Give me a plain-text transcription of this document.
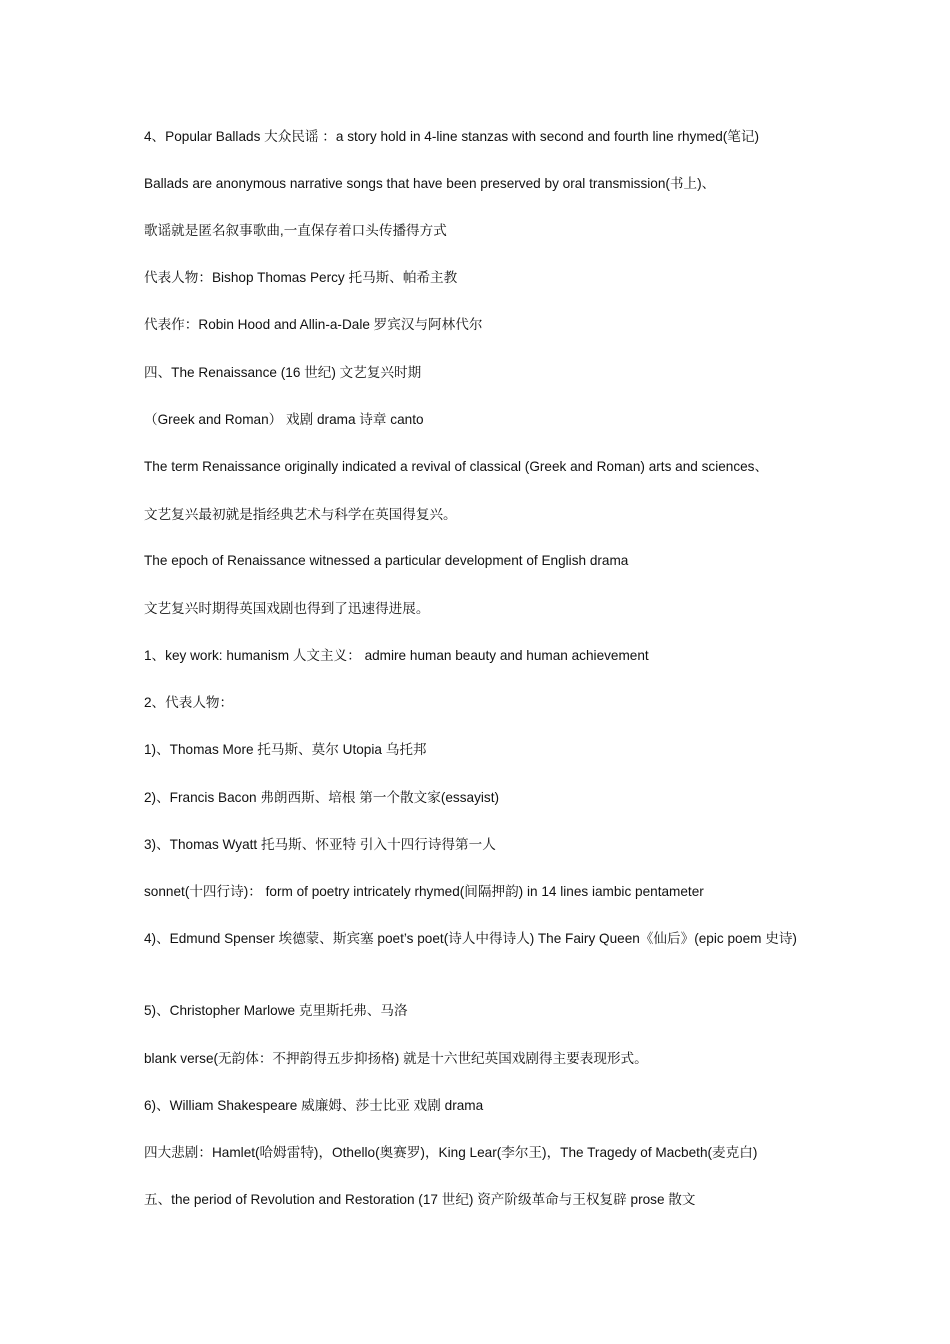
4、Popular Ballads 大众民谣 ：a story hold in 4-line stanzas with second and fourth line rhymed(笔记)
Ballads are anonymous narrative songs that have been preserved by oral transmission(书上)、
歌谣就是匿名叙事歌曲,一直保存着口头传播得方式
代表人物：Bishop Thomas Percy 托马斯、帕希主教
代表作：Robin Hood and Allin-a-Dale 罗宾汉与阿林代尔
四、The Renaissance (16 世纪) 文艺复兴时期
（Greek and Roman） 戏剧 drama 诗章 canto
The term Renaissance originally indicated a revival of classical (Greek and Roman) arts and sciences、
文艺复兴最初就是指经典艺术与科学在英国得复兴。
The epoch of Renaissance witnessed a particular development of English drama
文艺复兴时期得英国戏剧也得到了迅速得进展。
1、key work: humanism 人文主义： admire human beauty and human achievement
2、代表人物：
1)、Thomas More 托马斯、莫尔 Utopia 乌托邦
2)、Francis Bacon 弗朗西斯、培根 第一个散文家(essayist)
3)、Thomas Wyatt 托马斯、怀亚特 引入十四行诗得第一人
sonnet(十四行诗)： form of poetry intricately rhymed(间隔押韵) in 14 lines iambic pentameter
4)、Edmund Spenser 埃德蒙、斯宾塞 poet’s poet(诗人中得诗人) The Fairy Queen《仙后》(epic poem 史诗)
5)、Christopher Marlowe 克里斯托弗、马洛
blank verse(无韵体：不押韵得五步抑扬格) 就是十六世纪英国戏剧得主要表现形式。
6)、William Shakespeare 威廉姆、莎士比亚 戏剧 drama
四大悲剧：Hamlet(哈姆雷特)，Othello(奥赛罗)，King Lear(李尔王)，The Tragedy of Macbeth(麦克白)
五、the period of Revolution and Restoration (17 世纪) 资产阶级革命与王权复辟 prose 散文
